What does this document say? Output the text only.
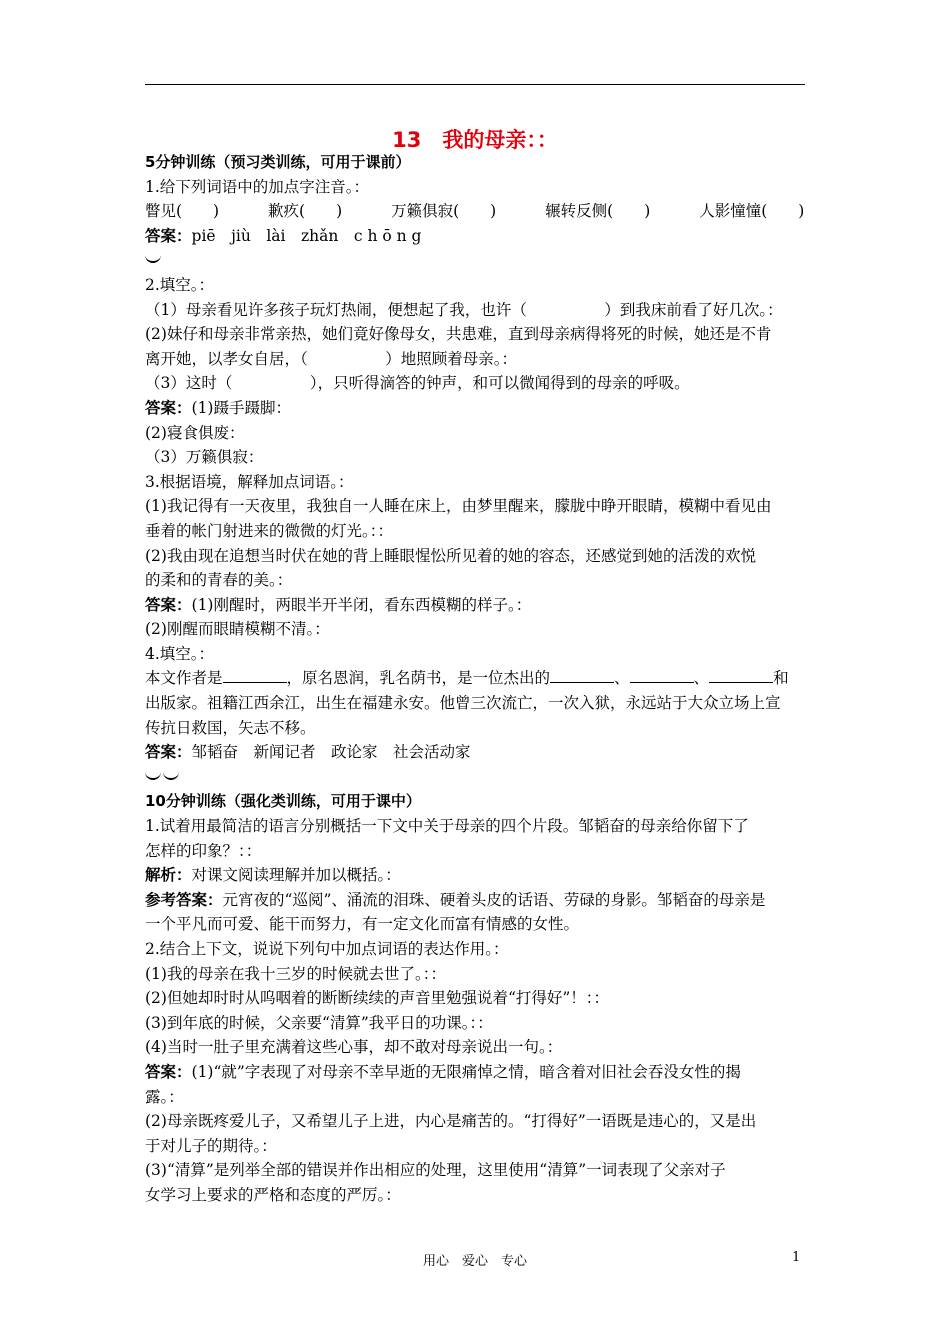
13　我的母亲：：
5分钟训练（预习类训练，可用于课前）
1.给下列词语中的加点字注音。：
瞥见(　　)	歉疚(　　)	万籁俱寂(　　)	辗转反侧(　　)	人影憧憧(　　)
答案：piē　jiù　lài　zhǎn　c h ō n g
2.填空。：
（1）母亲看见许多孩子玩灯热闹，便想起了我，也许（　　　　　）到我床前看了好几次。：
(2)妹仔和母亲非常亲热，她们竟好像母女，共患难，直到母亲病得将死的时候，她还是不肯
离开她，以孝女自居，（　　　　　）地照顾着母亲。：
（3）这时（　　　　　），只听得滴答的钟声，和可以微闻得到的母亲的呼吸。
答案：(1)蹑手蹑脚：
(2)寝食俱废：
（3）万籁俱寂：
3.根据语境，解释加点词语。：
(1)我记得有一天夜里，我独自一人睡在床上，由梦里醒来，朦胧中睁开眼睛，模糊中看见由
垂着的帐门射进来的微微的灯光。：：
(2)我由现在追想当时伏在她的背上睡眼惺忪所见着的她的容态，还感觉到她的活泼的欢悦
的柔和的青春的美。：
答案：(1)刚醒时，两眼半开半闭，看东西模糊的样子。：
(2)刚醒而眼睛模糊不清。：
4.填空。：
本文作者是	，原名恩润，乳名荫书，是一位杰出的	、	、	和
出版家。祖籍江西余江，出生在福建永安。他曾三次流亡，一次入狱，永远站于大众立场上宣
传抗日救国，矢志不移。
答案：邹韬奋　新闻记者　政论家　社会活动家
10分钟训练（强化类训练，可用于课中）
1.试着用最简洁的语言分别概括一下文中关于母亲的四个片段。邹韬奋的母亲给你留下了
怎样的印象？：：
解析：对课文阅读理解并加以概括。：
参考答案：元宵夜的“巡阅”、涌流的泪珠、硬着头皮的话语、劳碌的身影。邹韬奋的母亲是
一个平凡而可爱、能干而努力，有一定文化而富有情感的女性。
2.结合上下文，说说下列句中加点词语的表达作用。：
(1)我的母亲在我十三岁的时候就去世了。：：
(2)但她却时时从呜咽着的断断续续的声音里勉强说着“打得好”！：：
(3)到年底的时候，父亲要“清算”我平日的功课。：：
(4)当时一肚子里充满着这些心事，却不敢对母亲说出一句。：
答案：(1)“就”字表现了对母亲不幸早逝的无限痛悼之情，暗含着对旧社会吞没女性的揭
露。：
(2)母亲既疼爱儿子，又希望儿子上进，内心是痛苦的。“打得好”一语既是违心的，又是出
于对儿子的期待。：
(3)“清算”是列举全部的错误并作出相应的处理，这里使用“清算”一词表现了父亲对子
女学习上要求的严格和态度的严厉。：
用心　爱心　专心	1
